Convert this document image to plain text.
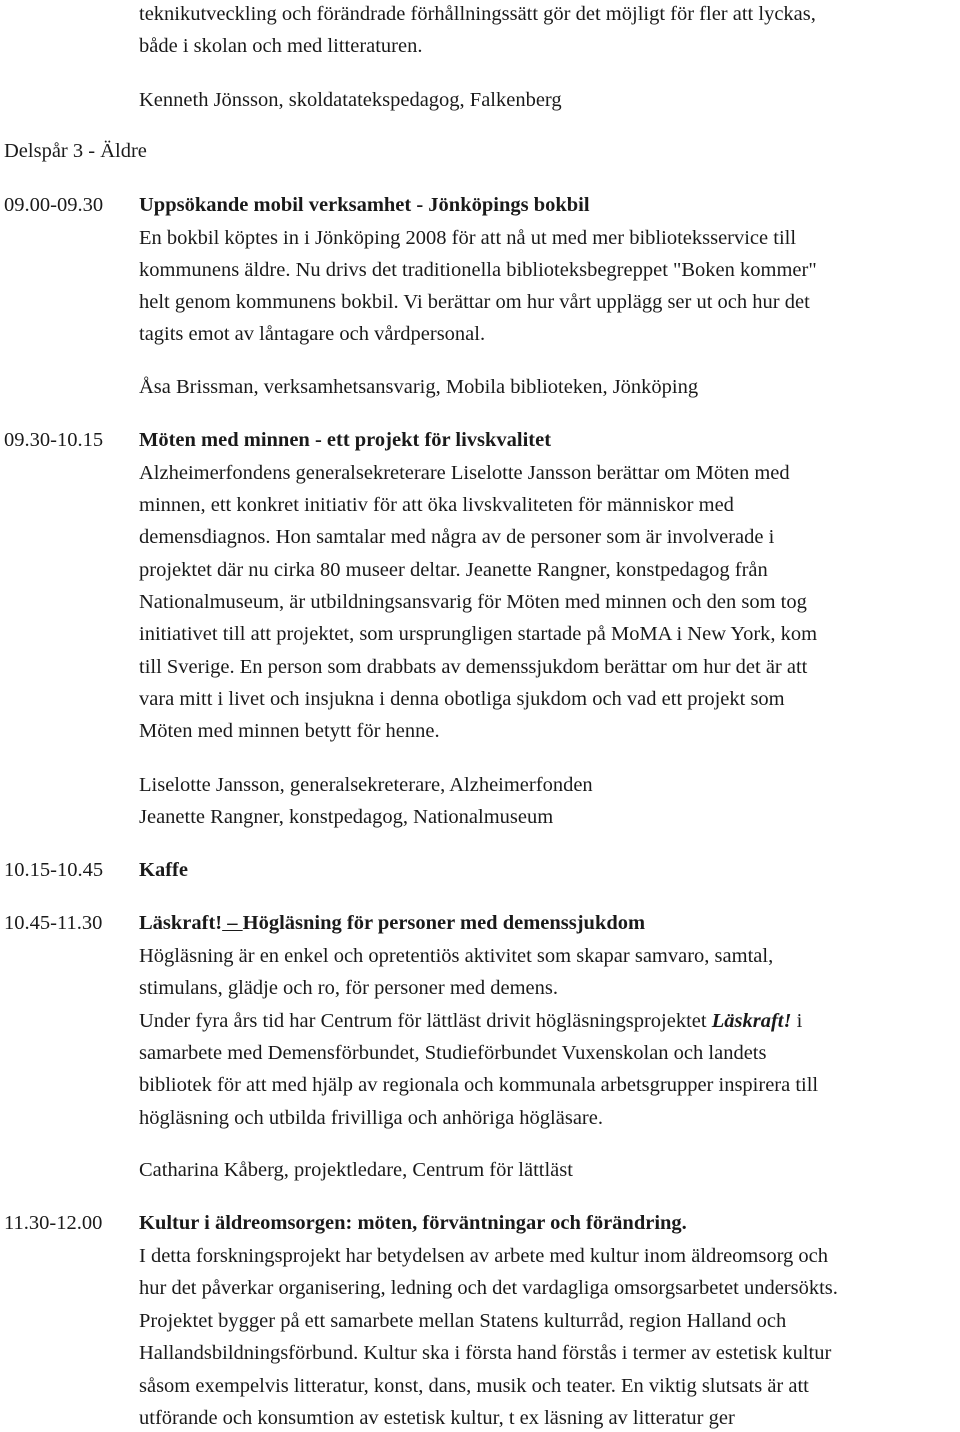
teknikutveckling och förändrade förhållningssätt gör det möjligt för fler att lyckas,
både i skolan och med litteraturen.
Kenneth Jönsson, skoldatatekspedagog, Falkenberg
Delspår 3 - Äldre
09.00-09.30 Uppsökande mobil verksamhet - Jönköpings bokbil
En bokbil köptes in i Jönköping 2008 för att nå ut med mer biblioteksservice till
kommunens äldre. Nu drivs det traditionella biblioteksbegreppet "Boken kommer"
helt genom kommunens bokbil. Vi berättar om hur vårt upplägg ser ut och hur det
tagits emot av låntagare och vårdpersonal.
Åsa Brissman, verksamhetsansvarig, Mobila biblioteken, Jönköping
09.30-10.15 Möten med minnen - ett projekt för livskvalitet
Alzheimerfondens generalsekreterare Liselotte Jansson berättar om Möten med
minnen, ett konkret initiativ för att öka livskvaliteten för människor med
demensdiagnos. Hon samtalar med några av de personer som är involverade i
projektet där nu cirka 80 museer deltar. Jeanette Rangner, konstpedagog från
Nationalmuseum, är utbildningsansvarig för Möten med minnen och den som tog
initiativet till att projektet, som ursprungligen startade på MoMA i New York, kom
till Sverige. En person som drabbats av demenssjukdom berättar om hur det är att
vara mitt i livet och insjukna i denna obotliga sjukdom och vad ett projekt som
Möten med minnen betytt för henne.
Liselotte Jansson, generalsekreterare, Alzheimerfonden
Jeanette Rangner, konstpedagog, Nationalmuseum
10.15-10.45 Kaffe
10.45-11.30 Läskraft! – Högläsning för personer med demenssjukdom
Högläsning är en enkel och opretentiös aktivitet som skapar samvaro, samtal,
stimulans, glädje och ro, för personer med demens.
Under fyra års tid har Centrum för lättläst drivit högläsningsprojektet Läskraft! i
samarbete med Demensförbundet, Studieförbundet Vuxenskolan och landets
bibliotek för att med hjälp av regionala och kommunala arbetsgrupper inspirera till
högläsning och utbilda frivilliga och anhöriga högläsare.
Catharina Kåberg, projektledare, Centrum för lättläst
11.30-12.00 Kultur i äldreomsorgen: möten, förväntningar och förändring.
I detta forskningsprojekt har betydelsen av arbete med kultur inom äldreomsorg och
hur det påverkar organisering, ledning och det vardagliga omsorgsarbetet undersökts.
Projektet bygger på ett samarbete mellan Statens kulturråd, region Halland och
Hallandsbildningsförbund. Kultur ska i första hand förstås i termer av estetisk kultur
såsom exempelvis litteratur, konst, dans, musik och teater. En viktig slutsats är att
utförande och konsumtion av estetisk kultur, t ex läsning av litteratur ger
